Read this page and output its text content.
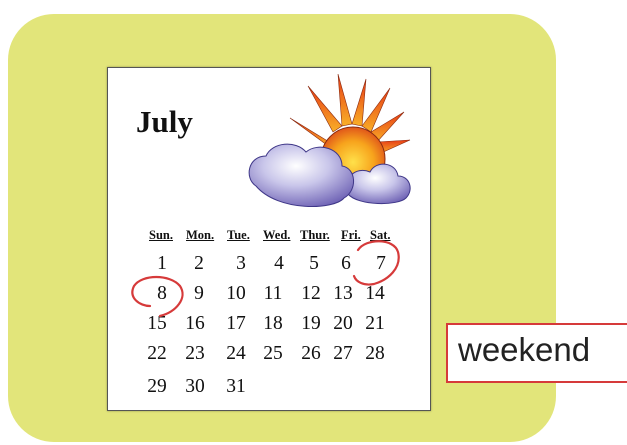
July
Sun. Mon. Tue. Wed. Thur. Fri. Sat.
1	2	3	4	5	6	7
8	9	10 11 12 13 14
15 16 17 18 19 20 21
22 23 24 25 26 27 28
29 30 31
weekend
